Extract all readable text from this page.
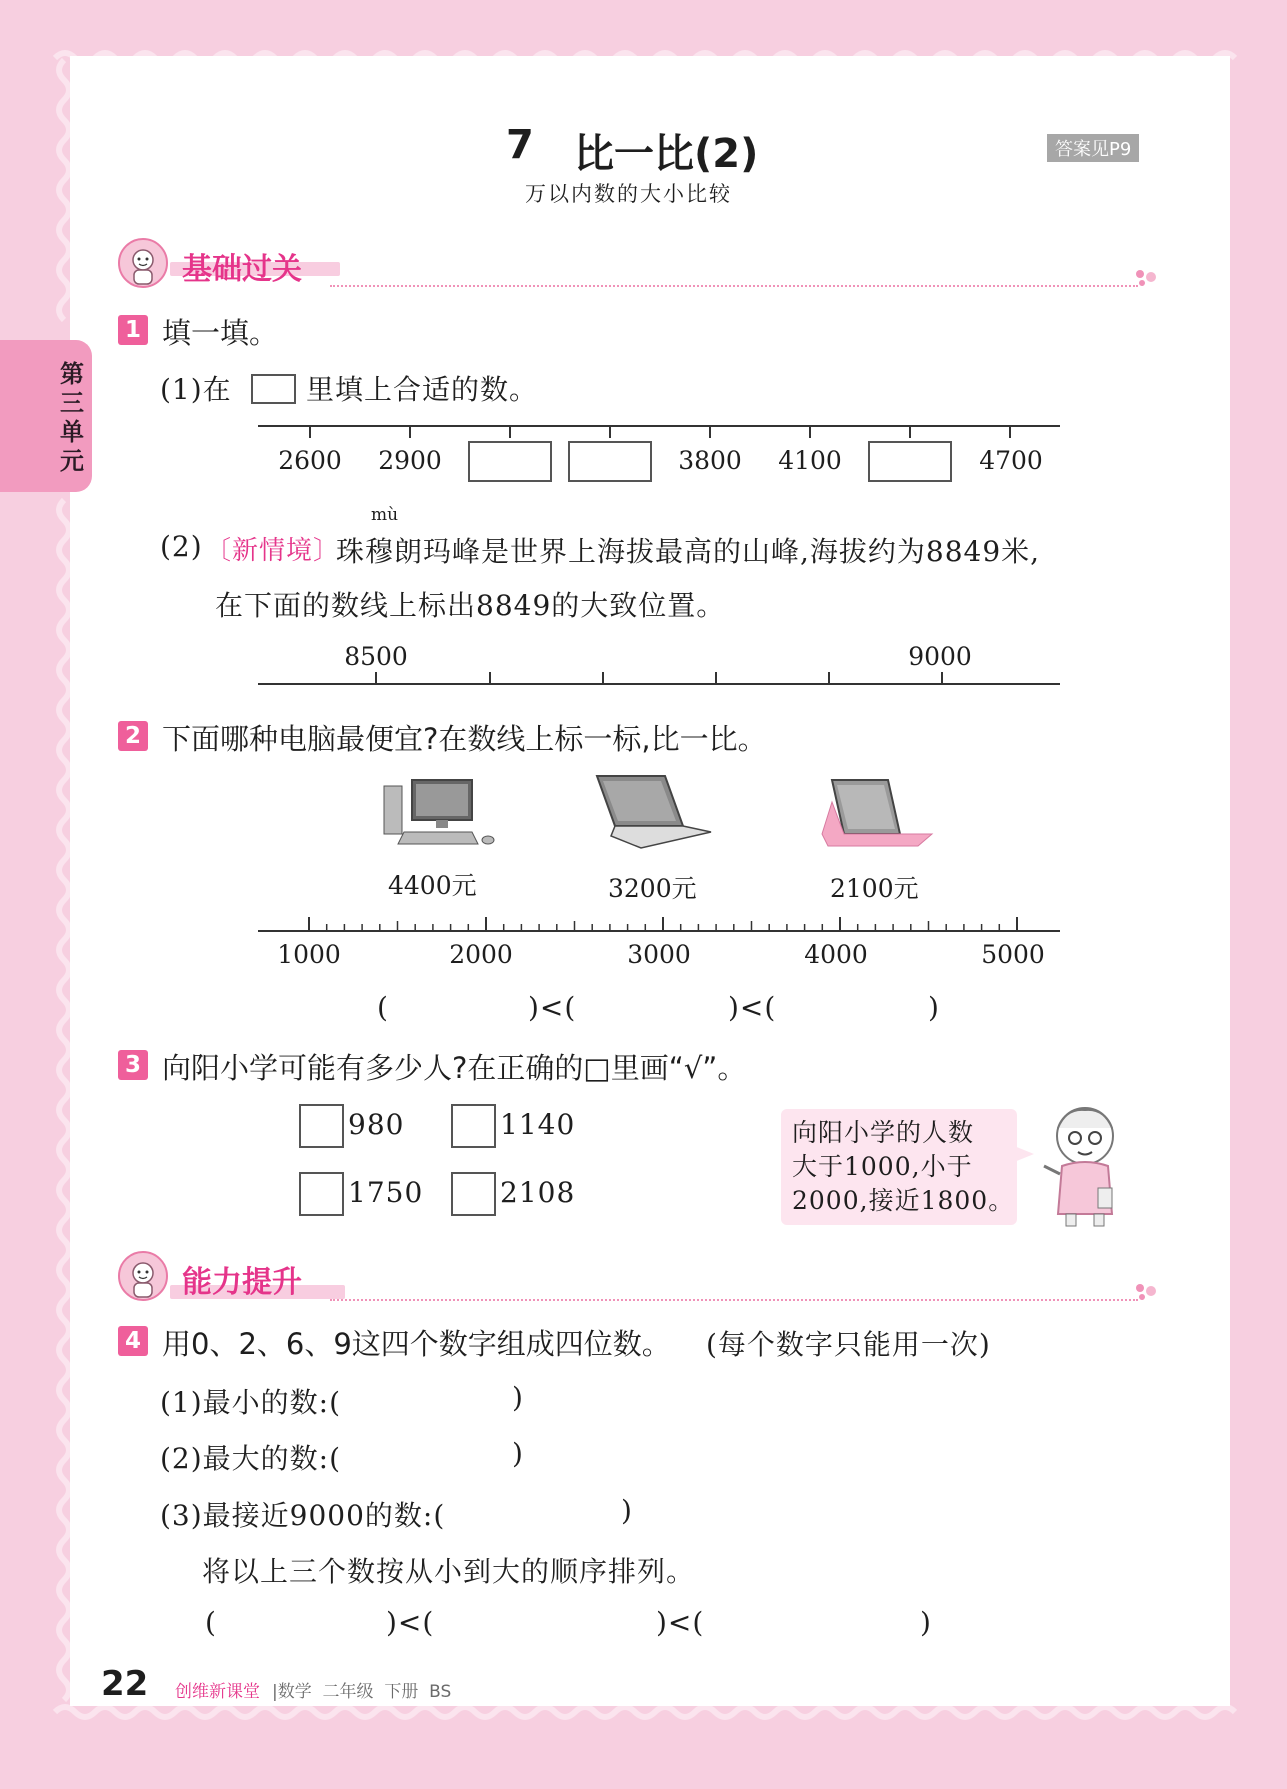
第
三
单
元
7 比一比(2)
万以内数的大小比较
答案见P9
基础过关
1 填一填。
(1)在	里填上合适的数。
2600	2900	3800	4100	4700
mù
(2) 〔新情境〕
珠穆朗玛峰是世界上海拔最高的山峰,海拔约为8849米,
在下面的数线上标出8849的大致位置。
8500	9000
2 下面哪种电脑最便宜?在数线上标一标,比一比。
4400元	3200元	2100元
1000	2000	3000	4000	5000
(	)<(	)<(	)
3 向阳小学可能有多少人?在正确的□里画“√”。
980	1140
1750	2108
向阳小学的人数
大于1000,小于
2000,接近1800。
能力提升
4 用0、2、6、9这四个数字组成四位数。 (每个数字只能用一次)
(1)最小的数:(	)
(2)最大的数:(	)
(3)最接近9000的数:(	)
将以上三个数按从小到大的顺序排列。
(	)<(	)<(	)
22 创维新课堂 |数学  二年级  下册  BS
